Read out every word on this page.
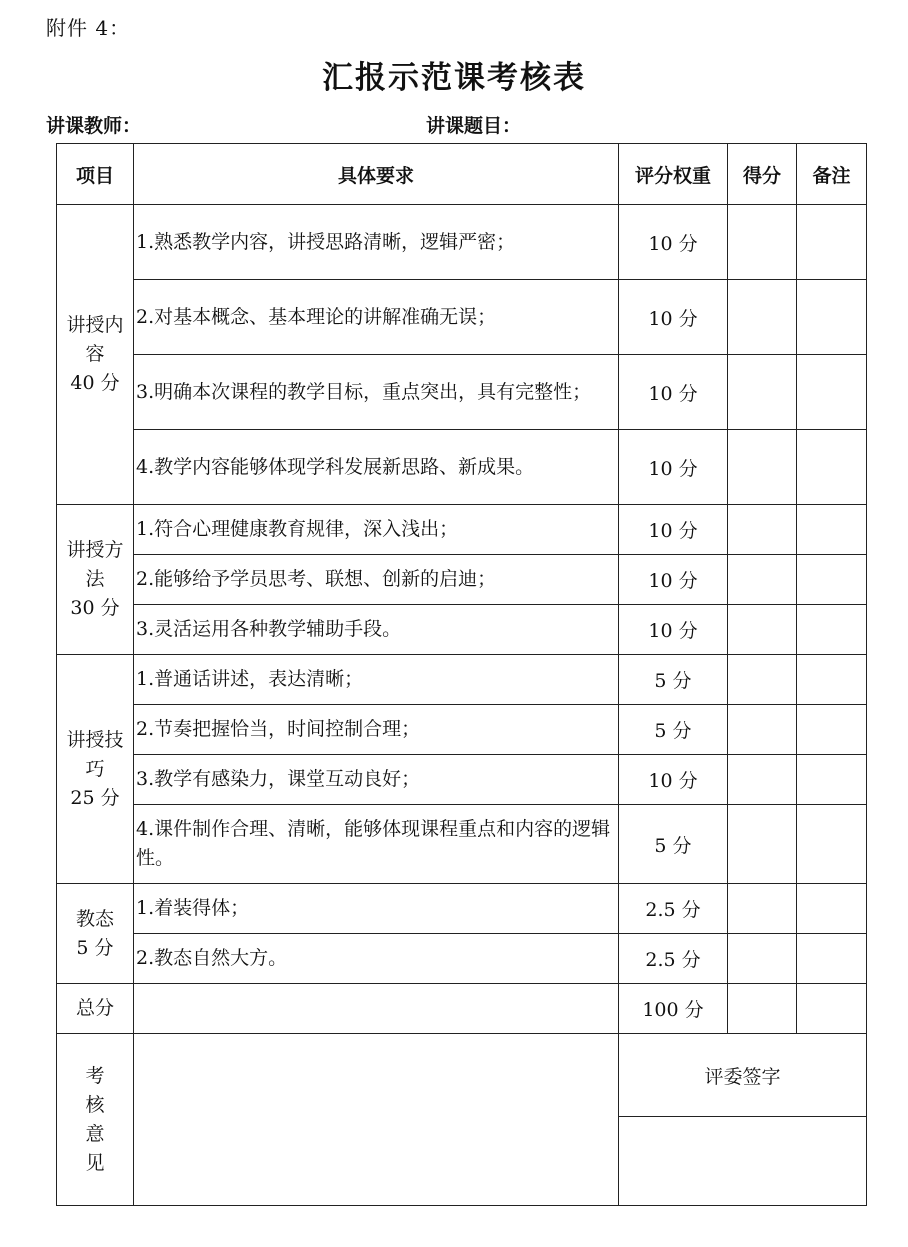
附件 4：
汇报示范课考核表
讲课教师：	讲课题目：
项目	具体要求	评分权重	得分	备注

讲授内
容
40 分	1.熟悉教学内容，讲授思路清晰，逻辑严密；	10 分		
	2.对基本概念、基本理论的讲解准确无误；	10 分		
	3.明确本次课程的教学目标，重点突出，具有完整性；	10 分		
	4.教学内容能够体现学科发展新思路、新成果。	10 分		

讲授方
法
30 分	1.符合心理健康教育规律，深入浅出；	10 分		
	2.能够给予学员思考、联想、创新的启迪；	10 分		
	3.灵活运用各种教学辅助手段。	10 分		

讲授技
巧
25 分	1.普通话讲述，表达清晰；	5 分		
	2.节奏把握恰当，时间控制合理；	5 分		
	3.教学有感染力，课堂互动良好；	10 分		
	4.课件制作合理、清晰，能够体现课程重点和内容的逻辑性。	5 分		

教态
5 分	1.着装得体；	2.5 分		
	2.教态自然大方。	2.5 分		
总分		100 分		

考
核
意
见		评委签字		
